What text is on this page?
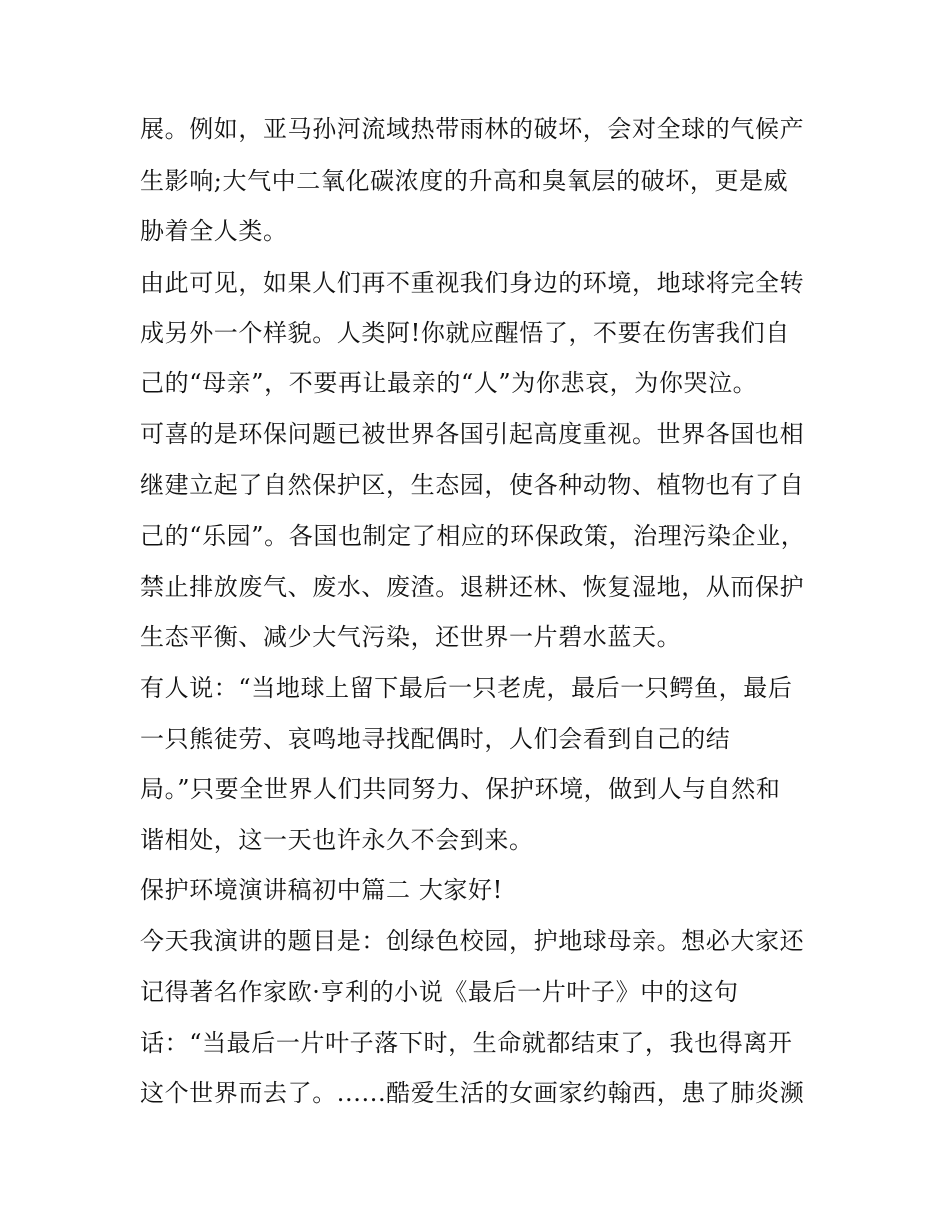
展。例如，亚马孙河流域热带雨林的破坏，会对全球的气候产
生影响;大气中二氧化碳浓度的升高和臭氧层的破坏，更是威
胁着全人类。
由此可见，如果人们再不重视我们身边的环境，地球将完全转
成另外一个样貌。人类阿!你就应醒悟了，不要在伤害我们自
己的“母亲”，不要再让最亲的“人”为你悲哀，为你哭泣。
可喜的是环保问题已被世界各国引起高度重视。世界各国也相
继建立起了自然保护区，生态园，使各种动物、植物也有了自
己的“乐园”。各国也制定了相应的环保政策，治理污染企业，
禁止排放废气、废水、废渣。退耕还林、恢复湿地，从而保护
生态平衡、减少大气污染，还世界一片碧水蓝天。
有人说：“当地球上留下最后一只老虎，最后一只鳄鱼，最后
一只熊徒劳、哀鸣地寻找配偶时，人们会看到自己的结
局。”只要全世界人们共同努力、保护环境，做到人与自然和
谐相处，这一天也许永久不会到来。
保护环境演讲稿初中篇二 大家好!
今天我演讲的题目是：创绿色校园，护地球母亲。想必大家还
记得著名作家欧·亨利的小说《最后一片叶子》中的这句
话：“当最后一片叶子落下时，生命就都结束了，我也得离开
这个世界而去了。......酷爱生活的女画家约翰西，患了肺炎濒
